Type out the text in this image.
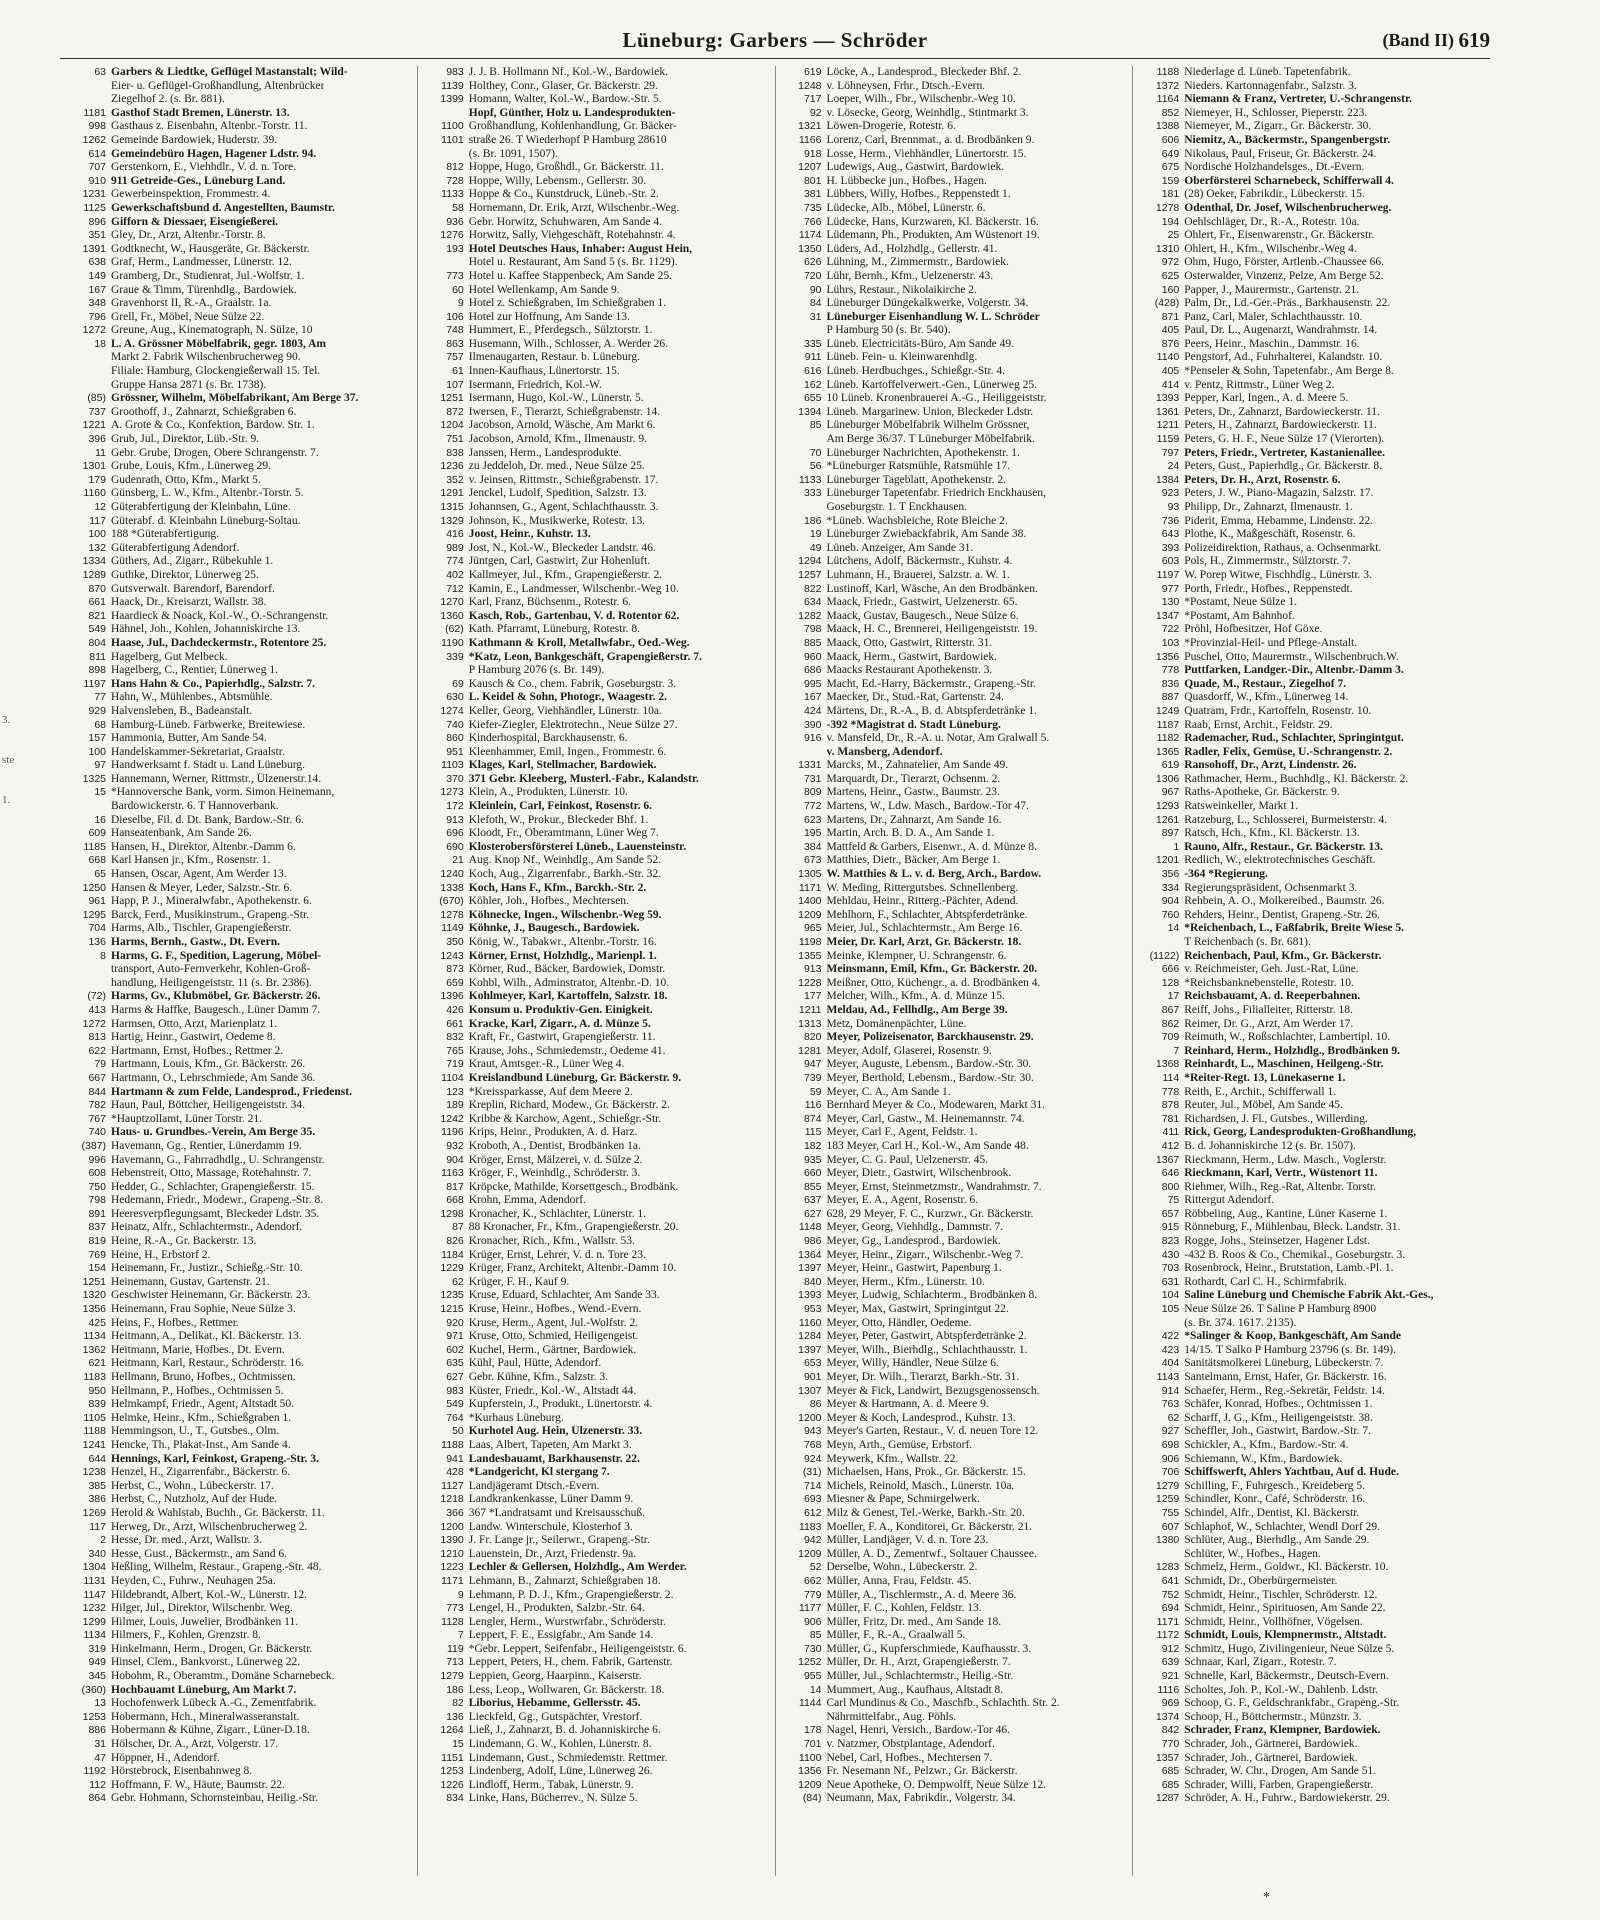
Lüneburg: Garbers — Schröder	(Band II) 619
3.
ste
1.
63 Garbers & Liedtke, Geflügel Mastanstalt; Wild-
Eier- u. Geflügel-Großhandlung, Altenbrücker
Ziegelhof 2. (s. Br. 881).
1181 Gasthof Stadt Bremen, Lünerstr. 13.
998 Gasthaus z. Eisenbahn, Altenbr.-Torstr. 11.
1262 Gemeinde Bardowiek, Huderstr. 39.
614 Gemeindebüro Hagen, Hagener Ldstr. 94.
707 Gerstenkorn, E., Viehhdlr., V. d. n. Tore.
910 911 Getreide-Ges., Lüneburg Land.
1231 Gewerbeinspektion, Frommestr. 4.
1125 Gewerkschaftsbund d. Angestellten, Baumstr.
896 Gifforn & Diessaer, Eisengießerei.
351 Gley, Dr., Arzt, Altenbr.-Torstr. 8.
1391 Godtknecht, W., Hausgeräte, Gr. Bäckerstr.
638 Graf, Herm., Landmesser, Lünerstr. 12.
149 Gramberg, Dr., Studienrat, Jul.-Wolfstr. 1.
167 Graue & Timm, Türenhdlg., Bardowiek.
348 Gravenhorst II, R.-A., Graalstr. 1a.
796 Grell, Fr., Möbel, Neue Sülze 22.
1272 Greune, Aug., Kinematograph, N. Sülze, 10
18 L. A. Grössner Möbelfabrik, gegr. 1803, Am
Markt 2. Fabrik Wilschenbrucherweg 90.
Filiale: Hamburg, Glockengießerwall 15. Tel.
Gruppe Hansa 2871 (s. Br. 1738).
(85) Grössner, Wilhelm, Möbelfabrikant, Am Berge 37.
737 Groothoff, J., Zahnarzt, Schießgraben 6.
1221 A. Grote & Co., Konfektion, Bardow. Str. 1.
396 Grub, Jul., Direktor, Lüb.-Str. 9.
11 Gebr. Grube, Drogen, Obere Schrangenstr. 7.
1301 Grube, Louis, Kfm., Lünerweg 29.
179 Gudenrath, Otto, Kfm., Markt 5.
1160 Günsberg, L. W., Kfm., Altenbr.-Torstr. 5.
12 Güterabfertigung der Kleinbahn, Lüne.
117 Güterabf. d. Kleinbahn Lüneburg-Soltau.
100 188 *Güterabfertigung.
132 Güterabfertigung Adendorf.
1334 Güthers, Ad., Zigarr., Rübekuhle 1.
1289 Guthke, Direktor, Lünerweg 25.
870 Gutsverwalt. Barendorf, Barendorf.
661 Haack, Dr., Kreisarzt, Wallstr. 38.
821 Haardieck & Noack, Kol.-W., O.-Schrangenstr.
549 Hähnel, Joh., Kohlen, Johanniskirche 13.
804 Haase, Jul., Dachdeckermstr., Rotentore 25.
811 Hagelberg, Gut Melbeck.
898 Hagelberg, C., Rentier, Lünerweg 1.
1197 Hans Hahn & Co., Papierhdlg., Salzstr. 7.
77 Hahn, W., Mühlenbes., Abtsmühle.
929 Halvensleben, B., Badeanstalt.
68 Hamburg-Lüneb. Farbwerke, Breitewiese.
157 Hammonia, Butter, Am Sande 54.
100 Handelskammer-Sekretariat, Graalstr.
97 Handwerksamt f. Stadt u. Land Lüneburg.
1325 Hannemann, Werner, Rittmstr., Ülzenerstr.14.
15 *Hannoversche Bank, vorm. Simon Heinemann,
Bardowickerstr. 6. T Hannoverbank.
16 Dieselbe, Fil. d. Dt. Bank, Bardow.-Str. 6.
609 Hanseatenbank, Am Sande 26.
1185 Hansen, H., Direktor, Altenbr.-Damm 6.
668 Karl Hansen jr., Kfm., Rosenstr. 1.
65 Hansen, Oscar, Agent, Am Werder 13.
1250 Hansen & Meyer, Leder, Salzstr.-Str. 6.
961 Happ, P. J., Mineralwfabr., Apothekenstr. 6.
1295 Barck, Ferd., Musikinstrum., Grapeng.-Str.
704 Harms, Alb., Tischler, Grapengießerstr.
136 Harms, Bernh., Gastw., Dt. Evern.
8 Harms, G. F., Spedition, Lagerung, Möbel-
transport, Auto-Fernverkehr, Kohlen-Groß-
handlung, Heiligengeiststr. 11 (s. Br. 2386).
(72) Harms, Gv., Klubmöbel, Gr. Bäckerstr. 26.
413 Harms & Haffke, Baugesch., Lüner Damm 7.
1272 Harmsen, Otto, Arzt, Marienplatz 1.
813 Hartig, Heinr., Gastwirt, Oedeme 8.
622 Hartmann, Ernst, Hofbes., Rettmer 2.
79 Hartmann, Louis, Kfm., Gr. Bäckerstr. 26.
667 Hartmann, O., Lehrschmiede, Am Sande 36.
844 Hartmann & zum Felde, Landesprod., Friedenst.
782 Haun, Paul, Böttcher, Heiligengeiststr. 34.
767 *Hauptzollamt, Lüner Torstr. 21.
740 Haus- u. Grundbes.-Verein, Am Berge 35.
(387) Havemann, Gg., Rentier, Lünerdamm 19.
996 Havemann, G., Fahrradhdlg., U. Schrangenstr.
608 Hebenstreit, Otto, Massage, Rotehahnstr. 7.
750 Hedder, G., Schlachter, Grapengießerstr. 15.
798 Hedemann, Friedr., Modewr., Grapeng.-Str. 8.
891 Heeresverpflegungsamt, Bleckeder Ldstr. 35.
837 Heinatz, Alfr., Schlachtermstr., Adendorf.
819 Heine, R.-A., Gr. Backerstr. 13.
769 Heine, H., Erbstorf 2.
154 Heinemann, Fr., Justizr., Schießg.-Str. 10.
1251 Heinemann, Gustav, Gartenstr. 21.
1320 Geschwister Heinemann, Gr. Bäckerstr. 23.
1356 Heinemann, Frau Sophie, Neue Sülze 3.
425 Heins, F., Hofbes., Rettmer.
1134 Heitmann, A., Delikat., Kl. Bäckerstr. 13.
1362 Heitmann, Marie, Hofbes., Dt. Evern.
621 Heitmann, Karl, Restaur., Schröderstr. 16.
1183 Hellmann, Bruno, Hofbes., Ochtmissen.
950 Hellmann, P., Hofbes., Ochtmissen 5.
839 Helmkampf, Friedr., Agent, Altstadt 50.
1105 Helmke, Heinr., Kfm., Schießgraben 1.
1188 Hemmingson, U., T., Gutsbes., Olm.
1241 Hencke, Th., Plakat-Inst., Am Sande 4.
644 Hennings, Karl, Feinkost, Grapeng.-Str. 3.
1238 Henzel, H., Zigarrenfabr., Bäckerstr. 6.
385 Herbst, C., Wohn., Lübeckerstr. 17.
386 Herbst, C., Nutzholz, Auf der Hude.
1269 Herold & Wahlstab, Buchh., Gr. Bäckerstr. 11.
117 Herweg, Dr., Arzt, Wilschenbrucherweg 2.
2 Hesse, Dr. med., Arzt, Wallstr. 3.
340 Hesse, Gust., Bäckermstr., am Sand 6.
1304 Heßling, Wilhelm, Restaur., Grapeng.-Str. 48.
1131 Heyden, C., Fuhrw., Neuhagen 25a.
1147 Hildebrandt, Albert, Kol.-W., Lünerstr. 12.
1232 Hilger, Jul., Direktor, Wilschenbr. Weg.
1299 Hilmer, Louis, Juwelier, Brodbänken 11.
1134 Hilmers, F., Kohlen, Grenzstr. 8.
319 Hinkelmann, Herm., Drogen, Gr. Bäckerstr.
949 Hinsel, Clem., Bankvorst., Lünerweg 22.
345 Hobohm, R., Oberamtm., Domäne Scharnebeck.
(360) Hochbauamt Lüneburg, Am Markt 7.
13 Hochofenwerk Lübeck A.-G., Zementfabrik.
1253 Hobermann, Hch., Mineralwasseranstalt.
886 Hobermann & Kühne, Zigarr., Lüner-D.18.
31 Hölscher, Dr. A., Arzt, Volgerstr. 17.
47 Höppner, H., Adendorf.
1192 Hörstebrock, Eisenbahnweg 8.
112 Hoffmann, F. W., Häute, Baumstr. 22.
864 Gebr. Hohmann, Schornsteinbau, Heilig.-Str.
983 J. J. B. Hollmann Nf., Kol.-W., Bardowiek.
1139 Holthey, Conr., Glaser, Gr. Bäckerstr. 29.
1399 Homann, Walter, Kol.-W., Bardow.-Str. 5.
Hopf, Günther, Holz u. Landesprodukten-
1100 Großhandlung, Kohlenhandlung, Gr. Bäcker-
1101 straße 26. T Wiederhopf P Hamburg 28610
(s. Br. 1091, 1507).
812 Hoppe, Hugo, Großhdl., Gr. Bäckerstr. 11.
728 Hoppe, Willy, Lebensm., Gellerstr. 30.
1133 Hoppe & Co., Kunstdruck, Lüneb.-Str. 2.
58 Hornemann, Dr. Erik, Arzt, Wilschenbr.-Weg.
936 Gebr. Horwitz, Schuhwaren, Am Sande 4.
1276 Horwitz, Sally, Viehgeschäft, Rotehahnstr. 4.
193 Hotel Deutsches Haus, Inhaber: August Hein,
Hotel u. Restaurant, Am Sand 5 (s. Br. 1129).
773 Hotel u. Kaffee Stappenbeck, Am Sande 25.
60 Hotel Wellenkamp, Am Sande 9.
9 Hotel z. Schießgraben, Im Schießgraben 1.
106 Hotel zur Hoffnung, Am Sande 13.
748 Hummert, E., Pferdegsch., Sülztorstr. 1.
863 Husemann, Wilh., Schlosser, A. Werder 26.
757 Ilmenaugarten, Restaur. b. Lüneburg.
61 Innen-Kaufhaus, Lünertorstr. 15.
107 Isermann, Friedrich, Kol.-W.
1251 Isermann, Hugo, Kol.-W., Lünerstr. 5.
872 Iwersen, F., Tierarzt, Schießgrabenstr. 14.
1204 Jacobson, Arnold, Wäsche, Am Markt 6.
751 Jacobson, Arnold, Kfm., Ilmenaustr. 9.
838 Janssen, Herm., Landesprodukte.
1236 zu Jeddeloh, Dr. med., Neue Sülze 25.
352 v. Jeinsen, Rittmstr., Schießgrabenstr. 17.
1291 Jenckel, Ludolf, Spedition, Salzstr. 13.
1315 Johannsen, G., Agent, Schlachthausstr. 3.
1329 Johnson, K., Musikwerke, Rotestr. 13.
416 Joost, Heinr., Kuhstr. 13.
989 Jost, N., Kol.-W., Bleckeder Landstr. 46.
774 Jüntgen, Carl, Gastwirt, Zur Hohenluft.
402 Kallmeyer, Jul., Kfm., Grapengießerstr. 2.
712 Kamin, E., Landmesser, Wilschenbr.-Weg 10.
1270 Karl, Franz, Büchsenm., Rotestr. 6.
1360 Kasch, Rob., Gartenbau, V. d. Rotentor 62.
(62) Kath. Pfarramt, Lüneburg, Rotestr. 8.
1190 Kathmann & Kroll, Metallwfabr., Oed.-Weg.
339 *Katz, Leon, Bankgeschäft, Grapengießerstr. 7.
P Hamburg 2076 (s. Br. 149).
69 Kausch & Co., chem. Fabrik, Goseburgstr. 3.
630 L. Keidel & Sohn, Photogr., Waagestr. 2.
1274 Keller, Georg, Viehhändler, Lünerstr. 10a.
740 Kiefer-Ziegler, Elektrotechn., Neue Sülze 27.
860 Kinderhospital, Barckhausenstr. 6.
951 Kleenhammer, Emil, Ingen., Frommestr. 6.
1103 Klages, Karl, Stellmacher, Bardowiek.
370 371 Gebr. Kleeberg, Musterl.-Fabr., Kalandstr.
1273 Klein, A., Produkten, Lünerstr. 10.
172 Kleinlein, Carl, Feinkost, Rosenstr. 6.
913 Klefoth, W., Prokur., Bleckeder Bhf. 1.
696 Kloodt, Fr., Oberamtmann, Lüner Weg 7.
690 Klosterobersförsterei Lüneb., Lauensteinstr.
21 Aug. Knop Nf., Weinhdlg., Am Sande 52.
1240 Koch, Aug., Zigarrenfabr., Barkh.-Str. 32.
1338 Koch, Hans F., Kfm., Barckh.-Str. 2.
(670) Köhler, Joh., Hofbes., Mechtersen.
1278 Köhnecke, Ingen., Wilschenbr.-Weg 59.
1149 Köhnke, J., Baugesch., Bardowiek.
350 König, W., Tabakwr., Altenbr.-Torstr. 16.
1243 Körner, Ernst, Holzhdlg., Marienpl. 1.
873 Körner, Rud., Bäcker, Bardowiek, Domstr.
659 Kohbl, Wilh., Adminstrator, Altenbr.-D. 10.
1396 Kohlmeyer, Karl, Kartoffeln, Salzstr. 18.
426 Konsum u. Produktiv-Gen. Einigkeit.
661 Kracke, Karl, Zigarr., A. d. Münze 5.
832 Kraft, Fr., Gastwirt, Grapengießerstr. 11.
765 Krause, Johs., Schmiedemstr., Oedeme 41.
719 Kraut, Amtsger.-R., Lüner Weg 4.
1104 Kreislandbund Lüneburg, Gr. Bäckerstr. 9.
123 *Kreissparkasse, Auf dem Meere 2.
189 Kreplin, Richard, Modew., Gr. Bäckerstr. 2.
1242 Kribbe & Karchow, Agent., Schießgr.-Str.
1196 Krips, Heinr., Produkten, A. d. Harz.
932 Kroboth, A., Dentist, Brodbänken 1a.
904 Kröger, Ernst, Mälzerei, v. d. Sülze 2.
1163 Kröger, F., Weinhdlg., Schröderstr. 3.
817 Kröpcke, Mathilde, Korsettgesch., Brodbänk.
668 Krohn, Emma, Adendorf.
1298 Kronacher, K., Schlachter, Lünerstr. 1.
87 88 Kronacher, Fr., Kfm., Grapengießerstr. 20.
826 Kronacher, Rich., Kfm., Wallstr. 53.
1184 Krüger, Ernst, Lehrer, V. d. n. Tore 23.
1229 Krüger, Franz, Architekt, Altenbr.-Damm 10.
62 Krüger, F. H., Kauf 9.
1235 Kruse, Eduard, Schlachter, Am Sande 33.
1215 Kruse, Heinr., Hofbes., Wend.-Evern.
920 Kruse, Herm., Agent, Jul.-Wolfstr. 2.
971 Kruse, Otto, Schmied, Heiligengeist.
602 Kuchel, Herm., Gärtner, Bardowiek.
635 Kühl, Paul, Hütte, Adendorf.
627 Gebr. Kühne, Kfm., Salzstr. 3.
983 Küster, Friedr., Kol.-W., Altstadt 44.
549 Kupferstein, J., Produkt., Lünertorstr. 4.
764 *Kurhaus Lüneburg.
50 Kurhotel Aug. Hein, Ülzenerstr. 33.
1188 Laas, Albert, Tapeten, Am Markt 3.
941 Landesbauamt, Barkhausenstr. 22.
428 *Landgericht, Kl stergang 7.
1127 Landjägeramt Dtsch.-Evern.
1218 Landkrankenkasse, Lüner Damm 9.
366 367 *Landratsamt und Kreisausschuß.
1200 Landw. Winterschule, Klosterhof 3.
1390 J. Fr. Lange jr., Seilerwr., Grapeng.-Str.
1210 Lauenstein, Dr., Arzt, Friedenstr. 9a.
1223 Lechler & Gellersen, Holzhdlg., Am Werder.
1171 Lehmann, B., Zahnarzt, Schießgraben 18.
9 Lehmann, P. D. J., Kfm., Grapengießerstr. 2.
773 Lengel, H., Produkten, Salzbr.-Str. 64.
1128 Lengler, Herm., Wurstwrfabr., Schröderstr.
7 Leppert, F. E., Essigfabr., Am Sande 14.
119 *Gebr. Leppert, Seifenfabr., Heiligengeiststr. 6.
713 Leppert, Peters, H., chem. Fabrik, Gartenstr.
1279 Leppien, Georg, Haarpinn., Kaiserstr.
186 Less, Leop., Wollwaren, Gr. Bäckerstr. 18.
82 Liborius, Hebamme, Gellersstr. 45.
136 Lieckfeld, Gg., Gutspächter, Vrestorf.
1264 Ließ, J., Zahnarzt, B. d. Johanniskirche 6.
15 Lindemann, G. W., Kohlen, Lünerstr. 8.
1151 Lindemann, Gust., Schmiedemstr. Rettmer.
1253 Lindenberg, Adolf, Lüne, Lünerweg 26.
1226 Lindloff, Herm., Tabak, Lünerstr. 9.
834 Linke, Hans, Bücherrev., N. Sülze 5.
619 Löcke, A., Landesprod., Bleckeder Bhf. 2.
1248 v. Löhneysen, Frhr., Dtsch.-Evern.
717 Loeper, Wilh., Fbr., Wilschenbr.-Weg 10.
92 v. Lösecke, Georg, Weinhdlg., Stintmarkt 3.
1321 Löwen-Drogerie, Rotestr. 6.
1166 Lorenz, Carl, Brennmat., a. d. Brodbänken 9.
918 Losse, Herm., Viehhändler, Lünertorstr. 15.
1207 Ludewigs, Aug., Gastwirt, Bardowiek.
801 H. Lübbecke jun., Hofbes., Hagen.
381 Lübbers, Willy, Hofbes., Reppenstedt 1.
735 Lüdecke, Alb., Möbel, Lünerstr. 6.
766 Lüdecke, Hans, Kurzwaren, Kl. Bäckerstr. 16.
1174 Lüdemann, Ph., Produkten, Am Wüstenort 19.
1350 Lüders, Ad., Holzhdlg., Gellerstr. 41.
626 Lühning, M., Zimmermstr., Bardowiek.
720 Lühr, Bernh., Kfm., Uelzenerstr. 43.
90 Lührs, Restaur., Nikolaikirche 2.
84 Lüneburger Düngekalkwerke, Volgerstr. 34.
31 Lüneburger Eisenhandlung W. L. Schröder
P Hamburg 50 (s. Br. 540).
335 Lüneb. Electricitäts-Büro, Am Sande 49.
911 Lüneb. Fein- u. Kleinwarenhdlg.
616 Lüneb. Herdbuchges., Schießgr.-Str. 4.
162 Lüneb. Kartoffelverwert.-Gen., Lünerweg 25.
655 10 Lüneb. Kronenbrauerei A.-G., Heiliggeiststr.
1394 Lüneb. Margarinew. Union, Bleckeder Ldstr.
85 Lüneburger Möbelfabrik Wilhelm Grössner,
Am Berge 36/37. T Lüneburger Möbelfabrik.
70 Lüneburger Nachrichten, Apothekenstr. 1.
56 *Lüneburger Ratsmühle, Ratsmühle 17.
1133 Lüneburger Tageblatt, Apothekenstr. 2.
333 Lüneburger Tapetenfabr. Friedrich Enckhausen,
Goseburgstr. 1. T Enckhausen.
186 *Lüneb. Wachsbleiche, Rote Bleiche 2.
19 Lüneburger Zwiebackfabrik, Am Sande 38.
49 Lüneb. Anzeiger, Am Sande 31.
1294 Lütchens, Adolf, Bäckermstr., Kuhstr. 4.
1257 Luhmann, H., Brauerei, Salzstr. a. W. 1.
822 Lustinoff, Karl, Wäsche, An den Brodbänken.
634 Maack, Friedr., Gastwirt, Uelzenerstr. 65.
1282 Maack, Gustav, Baugesch., Neue Sülze 6.
798 Maack, H. C., Brennerei, Heiligengeiststr. 19.
885 Maack, Otto, Gastwirt, Ritterstr. 31.
960 Maack, Herm., Gastwirt, Bardowiek.
686 Maacks Restaurant Apothekenstr. 3.
995 Macht, Ed.-Harry, Bäckermstr., Grapeng.-Str.
167 Maecker, Dr., Stud.-Rat, Gartenstr. 24.
424 Märtens, Dr., R.-A., B. d. Abtspferdetränke 1.
390 -392 *Magistrat d. Stadt Lüneburg.
916 v. Mansfeld, Dr., R.-A. u. Notar, Am Gralwall 5.
v. Mansberg, Adendorf.
1331 Marcks, M., Zahnatelier, Am Sande 49.
731 Marquardt, Dr., Tierarzt, Ochsenm. 2.
809 Martens, Heinr., Gastw., Baumstr. 23.
772 Martens, W., Ldw. Masch., Bardow.-Tor 47.
623 Martens, Dr., Zahnarzt, Am Sande 16.
195 Martin, Arch. B. D. A., Am Sande 1.
384 Mattfeld & Garbers, Eisenwr., A. d. Münze 8.
673 Matthies, Dietr., Bäcker, Am Berge 1.
1305 W. Matthies & L. v. d. Berg, Arch., Bardow.
1171 W. Meding, Rittergutsbes. Schnellenberg.
1400 Mehldau, Heinr., Ritterg.-Pächter, Adend.
1209 Mehlhorn, F., Schlachter, Abtspferdetränke.
965 Meier, Jul., Schlachtermstr., Am Berge 16.
1198 Meier, Dr. Karl, Arzt, Gr. Bäckerstr. 18.
1355 Meinke, Klempner, U. Schrangenstr. 6.
913 Meinsmann, Emil, Kfm., Gr. Bäckerstr. 20.
1228 Meißner, Otto, Küchengr., a. d. Brodbänken 4.
177 Melcher, Wilh., Kfm., A. d. Münze 15.
1211 Meldau, Ad., Fellhdlg., Am Berge 39.
1313 Metz, Domänenpächter, Lüne.
820 Meyer, Polizeisenator, Barckhausenstr. 29.
1281 Meyer, Adolf, Glaserei, Rosenstr. 9.
947 Meyer, Auguste, Lebensm., Bardow.-Str. 30.
739 Meyer, Berthold, Lebensm., Bardow.-Str. 30.
59 Meyer, C. A., Am Sande 1.
116 Bernhard Meyer & Co., Modewaren, Markt 31.
874 Meyer, Carl, Gastw., M. Heinemannstr. 74.
115 Meyer, Carl F., Agent, Feldstr. 1.
182 183 Meyer, Carl H., Kol.-W., Am Sande 48.
935 Meyer, C. G. Paul, Uelzenerstr. 45.
660 Meyer, Dietr., Gastwirt, Wilschenbrook.
855 Meyer, Ernst, Steinmetzmstr., Wandrahmstr. 7.
637 Meyer, E. A., Agent, Rosenstr. 6.
627 628, 29 Meyer, F. C., Kurzwr., Gr. Bäckerstr.
1148 Meyer, Georg, Viehhdlg., Dammstr. 7.
986 Meyer, Gg., Landesprod., Bardowiek.
1364 Meyer, Heinr., Zigarr., Wilschenbr.-Weg 7.
1397 Meyer, Heinr., Gastwirt, Papenburg 1.
840 Meyer, Herm., Kfm., Lünerstr. 10.
1393 Meyer, Ludwig, Schlachterm., Brodbänken 8.
953 Meyer, Max, Gastwirt, Springintgut 22.
1160 Meyer, Otto, Händler, Oedeme.
1284 Meyer, Peter, Gastwirt, Abtspferdetränke 2.
1397 Meyer, Wilh., Bierhdlg., Schlachthausstr. 1.
653 Meyer, Willy, Händler, Neue Sülze 6.
901 Meyer, Dr. Wilh., Tierarzt, Barkh.-Str. 31.
1307 Meyer & Fick, Landwirt, Bezugsgenossensch.
86 Meyer & Hartmann, A. d. Meere 9.
1200 Meyer & Koch, Landesprod., Kuhstr. 13.
943 Meyer's Garten, Restaur., V. d. neuen Tore 12.
768 Meyn, Arth., Gemüse, Erbstorf.
924 Meywerk, Kfm., Wallstr. 22.
(31) Michaelsen, Hans, Prok., Gr. Bäckerstr. 15.
714 Michels, Reinold, Masch., Lünerstr. 10a.
693 Miesner & Pape, Schmirgelwerk.
612 Milz & Genest, Tel.-Werke, Barkh.-Str. 20.
1183 Moeller, F. A., Konditorei, Gr. Bäckerstr. 21.
942 Müller, Landjäger, V. d. n. Tore 23.
1209 Müller, A. D., Zementwf., Soltauer Chaussee.
52 Derselbe, Wohn., Lübeckerstr. 2.
662 Müller, Anna, Frau, Feldstr. 45.
779 Müller, A., Tischlermstr., A. d. Meere 36.
1177 Müller, F. C., Kohlen, Feldstr. 13.
906 Müller, Fritz, Dr. med., Am Sande 18.
85 Müller, F., R.-A., Graalwall 5.
730 Müller, G., Kupferschmiede, Kaufhausstr. 3.
1252 Müller, Dr. H., Arzt, Grapengießerstr. 7.
955 Müller, Jul., Schlachtermstr., Heilig.-Str.
14 Mummert, Aug., Kaufhaus, Altstadt 8.
1144 Carl Mundinus & Co., Maschfb., Schlachth. Str. 2.
Nährmittelfabr., Aug. Pöhls.
178 Nagel, Henri, Versich., Bardow.-Tor 46.
701 v. Natzmer, Obstplantage, Adendorf.
1100 Nebel, Carl, Hofbes., Mechtersen 7.
1356 Fr. Nesemann Nf., Pelzwr., Gr. Bäckerstr.
1209 Neue Apotheke, O. Dempwolff, Neue Sülze 12.
(84) Neumann, Max, Fabrikdir., Volgerstr. 34.
1188 Niederlage d. Lüneb. Tapetenfabrik.
1372 Nieders. Kartonnagenfabr., Salzstr. 3.
1164 Niemann & Franz, Vertreter, U.-Schrangenstr.
852 Niemeyer, H., Schlosser, Pieperstr. 223.
1388 Niemeyer, M., Zigarr., Gr. Bäckerstr. 30.
606 Niemitz, A., Bäckermstr., Spangenbergstr.
649 Nikolaus, Paul, Friseur, Gr. Bäckerstr. 24.
675 Nordische Holzhandelsges., Dt.-Evern.
159 Oberförsterei Scharnebeck, Schifferwall 4.
181 (28) Oeker, Fabrikdir., Lübeckerstr. 15.
1278 Odenthal, Dr. Josef, Wilschenbrucherweg.
194 Oehlschläger, Dr., R.-A., Rotestr. 10a.
25 Ohlert, Fr., Eisenwarenstr., Gr. Bäckerstr.
1310 Ohlert, H., Kfm., Wilschenbr.-Weg 4.
972 Ohm, Hugo, Förster, Artlenb.-Chaussee 66.
625 Osterwalder, Vinzenz, Pelze, Am Berge 52.
160 Papper, J., Maurermstr., Gartenstr. 21.
(428) Palm, Dr., Ld.-Ger.-Präs., Barkhausenstr. 22.
871 Panz, Carl, Maler, Schlachthausstr. 10.
405 Paul, Dr. L., Augenarzt, Wandrahmstr. 14.
876 Peers, Heinr., Maschin., Dammstr. 16.
1140 Pengstorf, Ad., Fuhrhalterei, Kalandstr. 10.
405 *Penseler & Sohn, Tapetenfabr., Am Berge 8.
414 v. Pentz, Rittmstr., Lüner Weg 2.
1393 Pepper, Karl, Ingen., A. d. Meere 5.
1361 Peters, Dr., Zahnarzt, Bardowieckerstr. 11.
1211 Peters, H., Zahnarzt, Bardowieckerstr. 11.
1159 Peters, G. H. F., Neue Sülze 17 (Vierorten).
797 Peters, Friedr., Vertreter, Kastanienallee.
24 Peters, Gust., Papierhdlg., Gr. Bäckerstr. 8.
1384 Peters, Dr. H., Arzt, Rosenstr. 6.
923 Peters, J. W., Piano-Magazin, Salzstr. 17.
93 Philipp, Dr., Zahnarzt, Ilmenaustr. 1.
736 Piderit, Emma, Hebamme, Lindenstr. 22.
643 Plothe, K., Maßgeschäft, Rosenstr. 6.
393 Polizeidirektion, Rathaus, a. Ochsenmarkt.
603 Pols, H., Zimmermstr., Sülztorstr. 7.
1197 W. Porep Witwe, Fischhdlg., Lünerstr. 3.
977 Porth, Friedr., Hofbes., Reppenstedt.
130 *Postamt, Neue Sülze 1.
1347 *Postamt, Am Bahnhof.
722 Pröhl, Hofbesitzer, Hof Göxe.
103 *Provinzial-Heil- und Pflege-Anstalt.
1356 Puschel, Otto, Maurermstr., Wilschenbruch.W.
778 Puttfarken, Landger.-Dir., Altenbr.-Damm 3.
836 Quade, M., Restaur., Ziegelhof 7.
887 Quasdorff, W., Kfm., Lünerweg 14.
1249 Quatram, Frdr., Kartoffeln, Rosenstr. 10.
1187 Raab, Ernst, Archit., Feldstr. 29.
1182 Rademacher, Rud., Schlachter, Springintgut.
1365 Radler, Felix, Gemüse, U.-Schrangenstr. 2.
619 Ransohoff, Dr., Arzt, Lindenstr. 26.
1306 Rathmacher, Herm., Buchhdlg., Kl. Bäckerstr. 2.
967 Raths-Apotheke, Gr. Bäckerstr. 9.
1293 Ratsweinkeller, Markt 1.
1261 Ratzeburg, L., Schlosserei, Burmeisterstr. 4.
897 Ratsch, Hch., Kfm., Kl. Bäckerstr. 13.
1 Rauno, Alfr., Restaur., Gr. Bäckerstr. 13.
1201 Redlich, W., elektrotechnisches Geschäft.
356 -364 *Regierung.
334 Regierungspräsident, Ochsenmarkt 3.
904 Rehbein, A. O., Molkereibed., Baumstr. 26.
760 Rehders, Heinr., Dentist, Grapeng.-Str. 26.
14 *Reichenbach, L., Faßfabrik, Breite Wiese 5.
T Reichenbach (s. Br. 681).
(1122) Reichenbach, Paul, Kfm., Gr. Bäckerstr.
666 v. Reichmeister, Geh. Just.-Rat, Lüne.
128 *Reichsbanknebenstelle, Rotestr. 10.
17 Reichsbauamt, A. d. Reeperbahnen.
867 Reiff, Johs., Filialleiter, Ritterstr. 18.
862 Reimer, Dr. G., Arzt, Am Werder 17.
709 Reimuth, W., Roßschlachter, Lambertipl. 10.
7 Reinhard, Herm., Holzhdlg., Brodbänken 9.
1368 Reinhardt, L., Maschinen, Heilgeng.-Str.
114 *Reiter-Regt. 13, Lünekaserne 1.
778 Reith, E., Archit., Schifferwall 1.
878 Reuter, Jul., Möbel, Am Sande 45.
781 Richardsen, J. Fl., Gutsbes., Willerding.
411 Rick, Georg, Landesprodukten-Großhandlung,
412 B. d. Johanniskirche 12 (s. Br. 1507).
1367 Rieckmann, Herm., Ldw. Masch., Voglerstr.
646 Rieckmann, Karl, Vertr., Wüstenort 11.
800 Riehmer, Wilh., Reg.-Rat, Altenbr. Torstr.
75 Rittergut Adendorf.
657 Röbbeling, Aug., Kantine, Lüner Kaserne 1.
915 Rönneburg, F., Mühlenbau, Bleck. Landstr. 31.
823 Rogge, Johs., Steinsetzer, Hagener Ldst.
430 -432 B. Roos & Co., Chemikal., Goseburgstr. 3.
703 Rosenbrock, Heinr., Brutstation, Lamb.-Pl. 1.
631 Rothardt, Carl C. H., Schirmfabrik.
104 Saline Lüneburg und Chemische Fabrik Akt.-Ges.,
105 Neue Sülze 26. T Saline P Hamburg 8900
(s. Br. 374. 1617. 2135).
422 *Salinger & Koop, Bankgeschäft, Am Sande
423 14/15. T Salko P Hamburg 23796 (s. Br. 149).
404 Sanitätsmolkerei Lüneburg, Lübeckerstr. 7.
1143 Santelmann, Ernst, Hafer, Gr. Bäckerstr. 16.
914 Schaefer, Herm., Reg.-Sekretär, Feldstr. 14.
763 Schäfer, Konrad, Hofbes., Ochtmissen 1.
62 Scharff, J. G., Kfm., Heiligengeiststr. 38.
927 Scheffler, Joh., Gastwirt, Bardow.-Str. 7.
698 Schickler, A., Kfm., Bardow.-Str. 4.
906 Schiemann, W., Kfm., Bardowiek.
706 Schiffswerft, Ahlers Yachtbau, Auf d. Hude.
1279 Schilling, F., Fuhrgesch., Kreideberg 5.
1259 Schindler, Konr., Café, Schröderstr. 16.
755 Schindel, Alfr., Dentist, Kl. Bäckerstr.
607 Schlaphof, W., Schlachter, Wendl Dorf 29.
1380 Schlüter, Aug., Bierhdlg., Am Sande 29.
Schlüter, W., Hofbes., Hagen.
1283 Schmelz, Herm., Goldwr., Kl. Bäckerstr. 10.
641 Schmidt, Dr., Oberbürgermeister.
752 Schmidt, Heinr., Tischler, Schröderstr. 12.
694 Schmidt, Heinr., Spirituosen, Am Sande 22.
1171 Schmidt, Heinr., Vollhöfner, Vögelsen.
1172 Schmidt, Louis, Klempnermstr., Altstadt.
912 Schmitz, Hugo, Zivilingenieur, Neue Sülze 5.
639 Schnaar, Karl, Zigarr., Rotestr. 7.
921 Schnelle, Karl, Bäckermstr., Deutsch-Evern.
1116 Scholtes, Joh. P., Kol.-W., Dahlenb. Ldstr.
969 Schoop, G. F., Geldschrankfabr., Grapeng.-Str.
1374 Schoop, H., Böttchermstr., Münzstr. 3.
842 Schrader, Franz, Klempner, Bardowiek.
770 Schrader, Joh., Gärtnerei, Bardowiek.
1357 Schrader, Joh., Gärtnerei, Bardowiek.
685 Schrader, W. Chr., Drogen, Am Sande 51.
685 Schrader, Willi, Farben, Grapengießerstr.
1287 Schröder, A. H., Fuhrw., Bardowiekerstr. 29.
*
